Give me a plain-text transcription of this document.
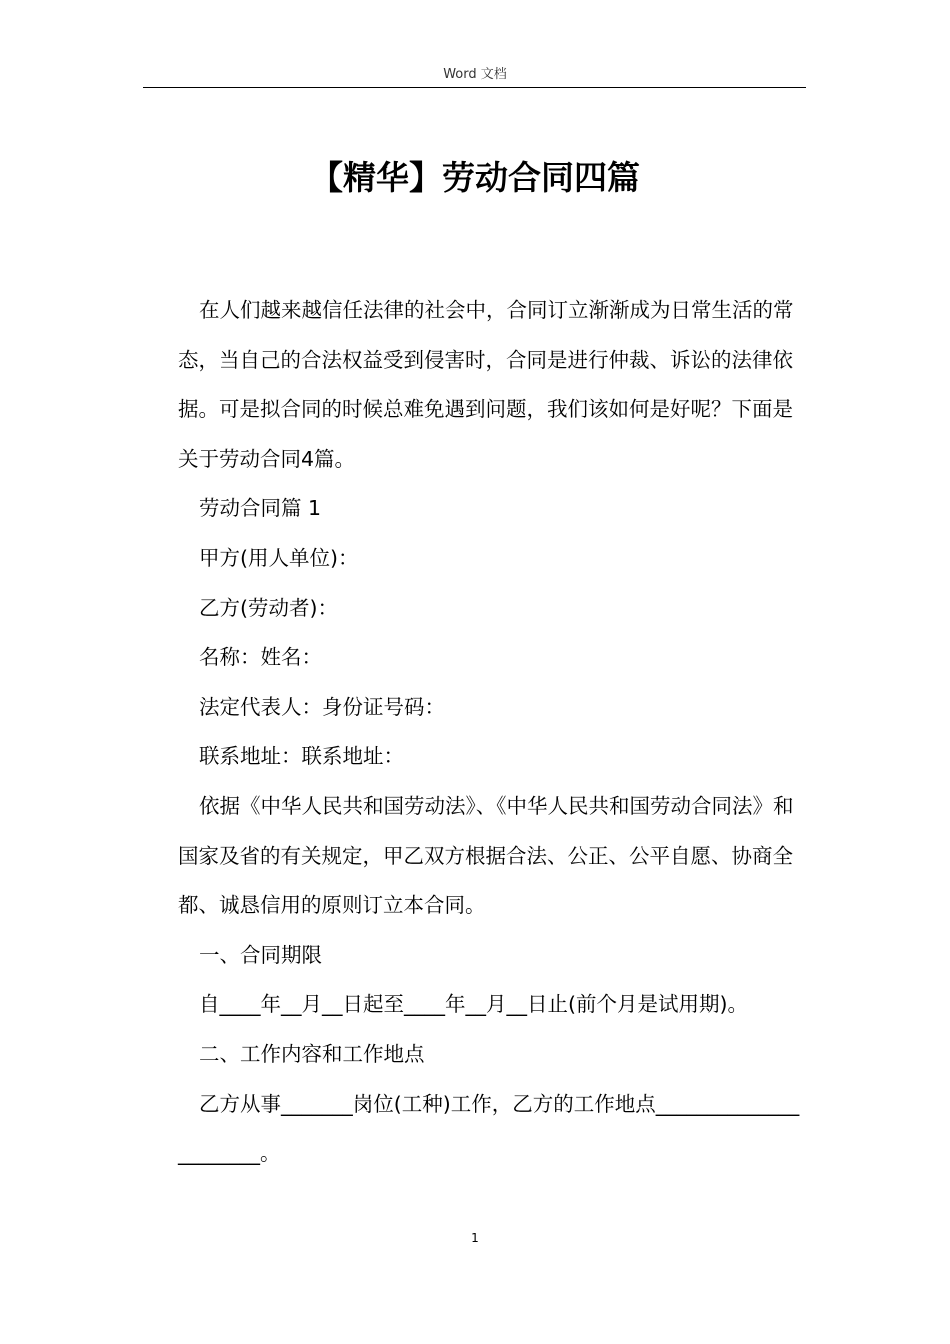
Word 文档
【精华】劳动合同四篇

在人们越来越信任法律的社会中，合同订立渐渐成为日常生活的常态，当自己的合法权益受到侵害时，合同是进行仲裁、诉讼的法律依据。可是拟合同的时候总难免遇到问题，我们该如何是好呢？下面是关于劳动合同4篇。

劳动合同篇 1

甲方(用人单位)：

乙方(劳动者)：

名称：姓名：

法定代表人：身份证号码：

联系地址：联系地址：

依据《中华人民共和国劳动法》、《中华人民共和国劳动合同法》和国家及省的有关规定，甲乙双方根据合法、公正、公平自愿、协商全都、诚恳信用的原则订立本合同。

一、合同期限

自____年__月__日起至____年__月__日止(前个月是试用期)。

二、工作内容和工作地点

乙方从事_______岗位(工种)工作，乙方的工作地点______________________。

1
